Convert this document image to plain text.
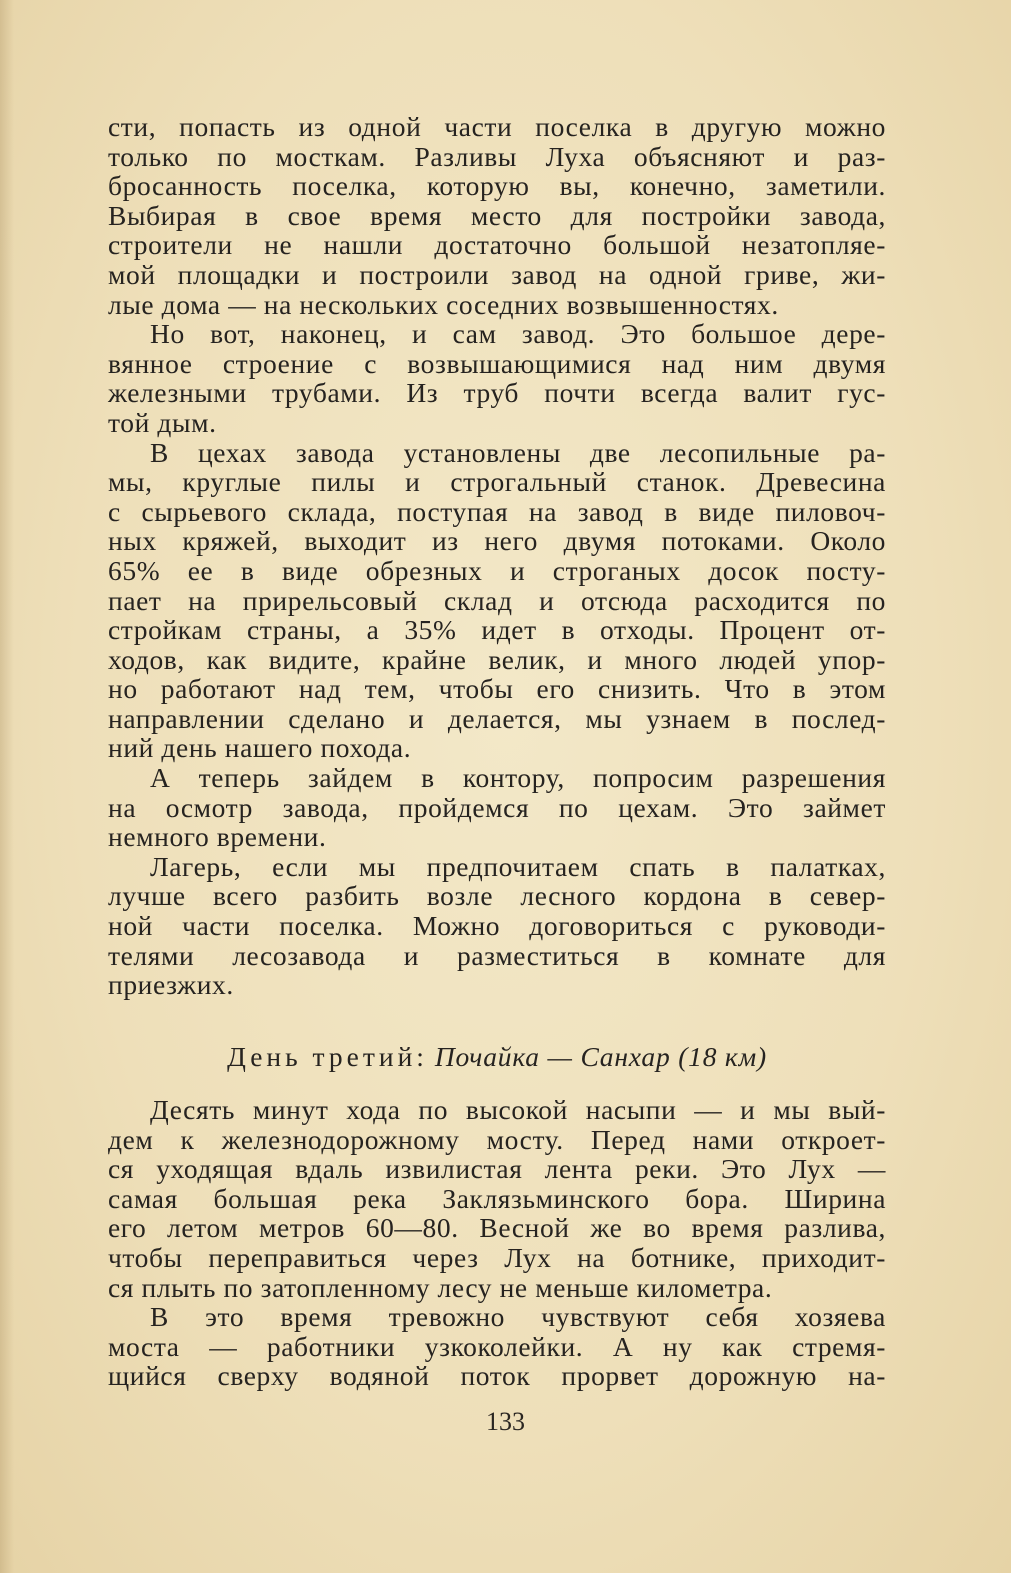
сти, попасть из одной части поселка в другую можно
только по мосткам. Разливы Луха объясняют и раз-
бросанность поселка, которую вы, конечно, заметили.
Выбирая в свое время место для постройки завода,
строители не нашли достаточно большой незатопляе-
мой площадки и построили завод на одной гриве, жи-
лые дома — на нескольких соседних возвышенностях.
Но вот, наконец, и сам завод. Это большое дере-
вянное строение с возвышающимися над ним двумя
железными трубами. Из труб почти всегда валит гус-
той дым.
В цехах завода установлены две лесопильные ра-
мы, круглые пилы и строгальный станок. Древесина
с сырьевого склада, поступая на завод в виде пиловоч-
ных кряжей, выходит из него двумя потоками. Около
65% ее в виде обрезных и строганых досок посту-
пает на прирельсовый склад и отсюда расходится по
стройкам страны, а 35% идет в отходы. Процент от-
ходов, как видите, крайне велик, и много людей упор-
но работают над тем, чтобы его снизить. Что в этом
направлении сделано и делается, мы узнаем в послед-
ний день нашего похода.
А теперь зайдем в контору, попросим разрешения
на осмотр завода, пройдемся по цехам. Это займет
немного времени.
Лагерь, если мы предпочитаем спать в палатках,
лучше всего разбить возле лесного кордона в север-
ной части поселка. Можно договориться с руководи-
телями лесозавода и разместиться в комнате для
приезжих.
День третий: Почайка — Санхар (18 км)
Десять минут хода по высокой насыпи — и мы вый-
дем к железнодорожному мосту. Перед нами откроет-
ся уходящая вдаль извилистая лента реки. Это Лух —
самая большая река Заклязьминского бора. Ширина
его летом метров 60—80. Весной же во время разлива,
чтобы переправиться через Лух на ботнике, приходит-
ся плыть по затопленному лесу не меньше километра.
В это время тревожно чувствуют себя хозяева
моста — работники узкоколейки. А ну как стремя-
щийся сверху водяной поток прорвет дорожную на-
133
